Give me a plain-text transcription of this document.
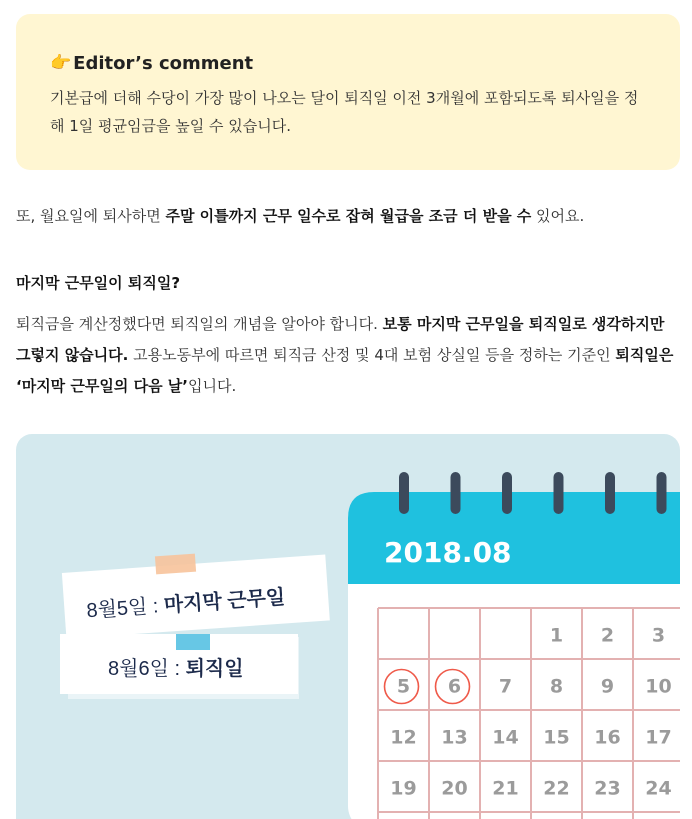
👉 Editor’s comment

기본급에 더해 수당이 가장 많이 나오는 달이 퇴직일 이전 3개월에 포함되도록 퇴사일을 정해 1일 평균임금을 높일 수 있습니다.

또, 월요일에 퇴사하면 주말 이틀까지 근무 일수로 잡혀 월급을 조금 더 받을 수 있어요.

마지막 근무일이 퇴직일?

퇴직금을 계산정했다면 퇴직일의 개념을 알아야 합니다. 보통 마지막 근무일을 퇴직일로 생각하지만 그렇지 않습니다. 고용노동부에 따르면 퇴직금 산정 및 4대 보험 상실일 등을 정하는 기준인 퇴직일은 ‘마지막 근무일의 다음 날’입니다.

8월5일 : 마지막 근무일
8월6일 : 퇴직일
2018.08
1 2 3
5 6 7 8 9 10
12 13 14 15 16 17
19 20 21 22 23 24
